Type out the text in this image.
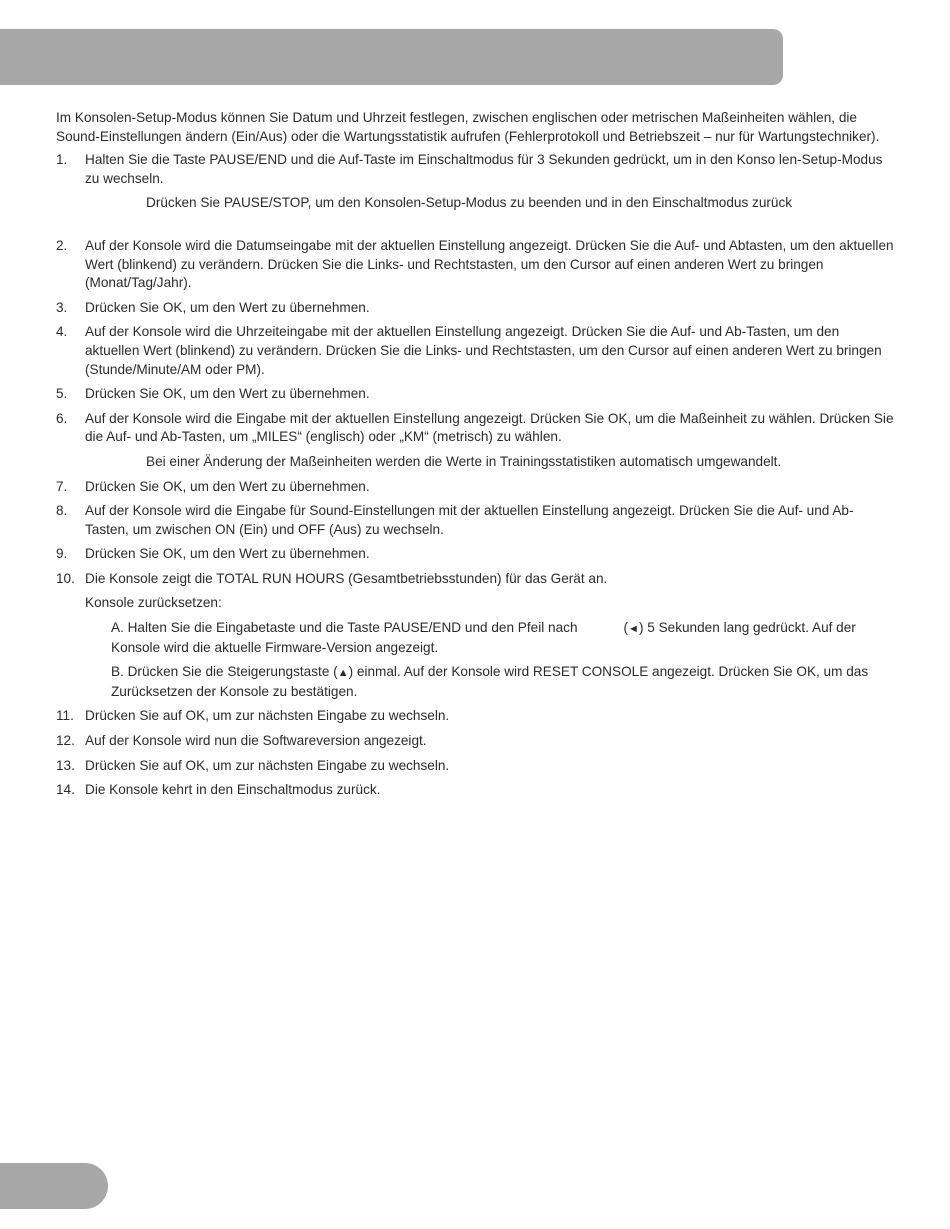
Im Konsolen-Setup-Modus können Sie Datum und Uhrzeit festlegen, zwischen englischen oder metrischen Maßeinheiten wählen, die Sound-Einstellungen ändern (Ein/Aus) oder die Wartungsstatistik aufrufen (Fehlerprotokoll und Betriebszeit – nur für Wartungstechniker).

1. Halten Sie die Taste PAUSE/END und die Auf-Taste im Einschaltmodus für 3 Sekunden gedrückt, um in den Konso len-Setup-Modus zu wechseln.
Drücken Sie PAUSE/STOP, um den Konsolen-Setup-Modus zu beenden und in den Einschaltmodus zurück
2. Auf der Konsole wird die Datumseingabe mit der aktuellen Einstellung angezeigt. Drücken Sie die Auf- und Abtasten, um den aktuellen Wert (blinkend) zu verändern. Drücken Sie die Links- und Rechtstasten, um den Cursor auf einen anderen Wert zu bringen (Monat/Tag/Jahr).
3. Drücken Sie OK, um den Wert zu übernehmen.
4. Auf der Konsole wird die Uhrzeiteingabe mit der aktuellen Einstellung angezeigt. Drücken Sie die Auf- und Ab-Tasten, um den aktuellen Wert (blinkend) zu verändern. Drücken Sie die Links- und Rechtstasten, um den Cursor auf einen anderen Wert zu bringen (Stunde/Minute/AM oder PM).
5. Drücken Sie OK, um den Wert zu übernehmen.
6. Auf der Konsole wird die Eingabe mit der aktuellen Einstellung angezeigt. Drücken Sie OK, um die Maßeinheit zu wählen. Drücken Sie die Auf- und Ab-Tasten, um „MILES“ (englisch) oder „KM“ (metrisch) zu wählen.
Bei einer Änderung der Maßeinheiten werden die Werte in Trainingsstatistiken automatisch umgewandelt.
7. Drücken Sie OK, um den Wert zu übernehmen.
8. Auf der Konsole wird die Eingabe für Sound-Einstellungen mit der aktuellen Einstellung angezeigt. Drücken Sie die Auf- und Ab-Tasten, um zwischen ON (Ein) und OFF (Aus) zu wechseln.
9. Drücken Sie OK, um den Wert zu übernehmen.
10. Die Konsole zeigt die TOTAL RUN HOURS (Gesamtbetriebsstunden) für das Gerät an.
Konsole zurücksetzen:
A. Halten Sie die Eingabetaste und die Taste PAUSE/END und den Pfeil nach	(◄) 5 Sekunden lang gedrückt. Auf der Konsole wird die aktuelle Firmware-Version angezeigt.
B. Drücken Sie die Steigerungstaste (▲) einmal. Auf der Konsole wird RESET CONSOLE angezeigt. Drücken Sie OK, um das Zurücksetzen der Konsole zu bestätigen.
11. Drücken Sie auf OK, um zur nächsten Eingabe zu wechseln.
12. Auf der Konsole wird nun die Softwareversion angezeigt.
13. Drücken Sie auf OK, um zur nächsten Eingabe zu wechseln.
14. Die Konsole kehrt in den Einschaltmodus zurück.
